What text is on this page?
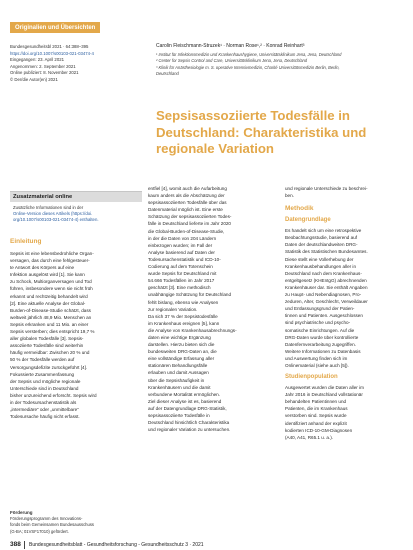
Originalien und Übersichten
Bundesgesundheitsbl 2021 · 64:388–395
https://doi.org/10.1007/s00103-021-03474-4
Eingegangen: 23. April 2021
Angenommen: 2. September 2021
Online publiziert: 8. November 2021
© Der/die Autor(en) 2021
Carolin Fleischmann-Struzek¹ · Norman Rose¹,² · Konrad Reinhart³
¹ Institut für Infektionsmedizin und Krankenhaushygiene, Universitätsklinikum Jena, Jena, Deutschland
² Center for Sepsis Control and Care, Universitätsklinikum Jena, Jena, Deutschland
³ Klinik für Anästhesiologie m. S. operative Intensivmedizin, Charité Universitätsmedizin Berlin, Berlin,
Deutschland
Sepsisassoziierte Todesfälle in
Deutschland: Charakteristika und
regionale Variation
Zusatzmaterial online
Zusätzliche Informationen sind in der
Online-Version dieses Artikels (https://doi.
org/10.1007/s00103-021-03474-4) enthalten.
Einleitung
Sepsis ist eine lebensbedrohliche Organ-
versagen, das durch eine fehlgesteuer-
te Antwort des Körpers auf eine
Infektion ausgelöst wird [1]. Sie kann
zu Schock, Multiorganversagen und Tod
führen, insbesondere wenn sie nicht früh
erkannt und rechtzeitig behandelt wird
[2]. Eine aktuelle Analyse der Global-
Burden-of-Disease-Studie schätzt, dass
weltweit jährlich 48,9 Mio. Menschen an
Sepsis erkranken und 11 Mio. an einer
Sepsis versterben; dies entspricht 19,7 %
aller globalen Todesfälle [3]. Sepsis-
assoziierte Todesfälle sind weiterhin
häufig vermeidbar: Zwischen 20 % und
50 % der Todesfälle werden auf
Versorgungsdefizite zurückgeführt [4].
Fokussierte Zusammenfassung
der Sepsis und mögliche regionale
Unterschiede sind in Deutschland
bisher unzureichend erforscht. Sepsis wird
in der Todesursachenstatistik als
„intermediäre“ oder „unmittelbare“
Todesursache häufig nicht erfasst.
Förderung
Förderungsprogramm des Innovations-
fonds beim Gemeinsamen Bundesausschuss
(G-BA; 01VSF17010) gefördert.
entfiel [4], womit auch die Aufarbeitung
kaum anders als die Abschätzung der
sepsisassoziierten Todesfälle über das
Datenmaterial möglich ist. Eine erste
Schätzung der sepsisassoziierten Todes-
fälle in Deutschland lieferte im Jahr 2020
die Global-Burden-of-Disease-Studie,
in der die Daten von 204 Ländern
einbezogen wurden; im Fall der
Analyse basierend auf Daten der
Todesursachenstatistik und ICD-10-
Codierung auf dem Totenschein
wurde Sepsis für Deutschland mit
54.666 Todesfällen im Jahr 2017
geschätzt [3]. Eine methodisch
unabhängige Schätzung für Deutschland
fehlt bislang, ebenso wie Analysen
zur regionalen Variation.
Da sich 37 % der Sepsistodesfälle
im Krankenhaus ereignen [5], kann
die Analyse von Krankenhausabrechnungs-
daten eine wichtige Ergänzung
darstellen. Hierzu bieten sich die
bundesweiten DRG-Daten an, die
eine vollständige Erfassung aller
stationären Behandlungsfälle
erlauben und damit Aussagen
über die Sepsishäufigkeit in
Krankenhäusern und die damit
verbundene Mortalität ermöglichen.
Ziel dieser Analyse ist es, basierend
auf der Datengrundlage DRG-Statistik,
sepsisassoziierte Todesfälle in
Deutschland hinsichtlich Charakteristika
und regionaler Variation zu untersuchen.
und regionale Unterschiede zu beschrei-
ben.
Methodik
Datengrundlage
Es handelt sich um eine retrospektive
Beobachtungsstudie, basierend auf
Daten der deutschlandweiten DRG-
Statistik des Statistischen Bundesamtes.
Diese stellt eine Vollerhebung der
Krankenhausbehandlungen aller in
Deutschland nach dem Krankenhaus-
entgeltgesetz (KHEntgG) abrechnenden
Krankenhäuser dar. Sie enthält Angaben
zu Haupt- und Nebendiagnosen, Pro-
zeduren, Alter, Geschlecht, Verweildauer
und Entlassungsgrund der Patien-
tinnen und Patienten. Ausgeschlossen
sind psychiatrische und psycho-
somatische Einrichtungen. Auf die
DRG-Daten wurde über kontrollierte
Datenfernverarbeitung zugegriffen.
Weitere Informationen zu Datenbasis
und Auswertung finden sich im
Onlinematerial (siehe auch [5]).
Studienpopulation
Ausgewertet wurden die Daten aller im
Jahr 2016 in Deutschland vollstationär
behandelten Patientinnen und
Patienten, die im Krankenhaus
verstorben sind. Sepsis wurde
identifiziert anhand der explizit
kodierten ICD-10-GM-Diagnosen
(A40, A41, R65.1 u. a.).
388 Bundesgesundheitsblatt - Gesundheitsforschung - Gesundheitsschutz 3 · 2021
